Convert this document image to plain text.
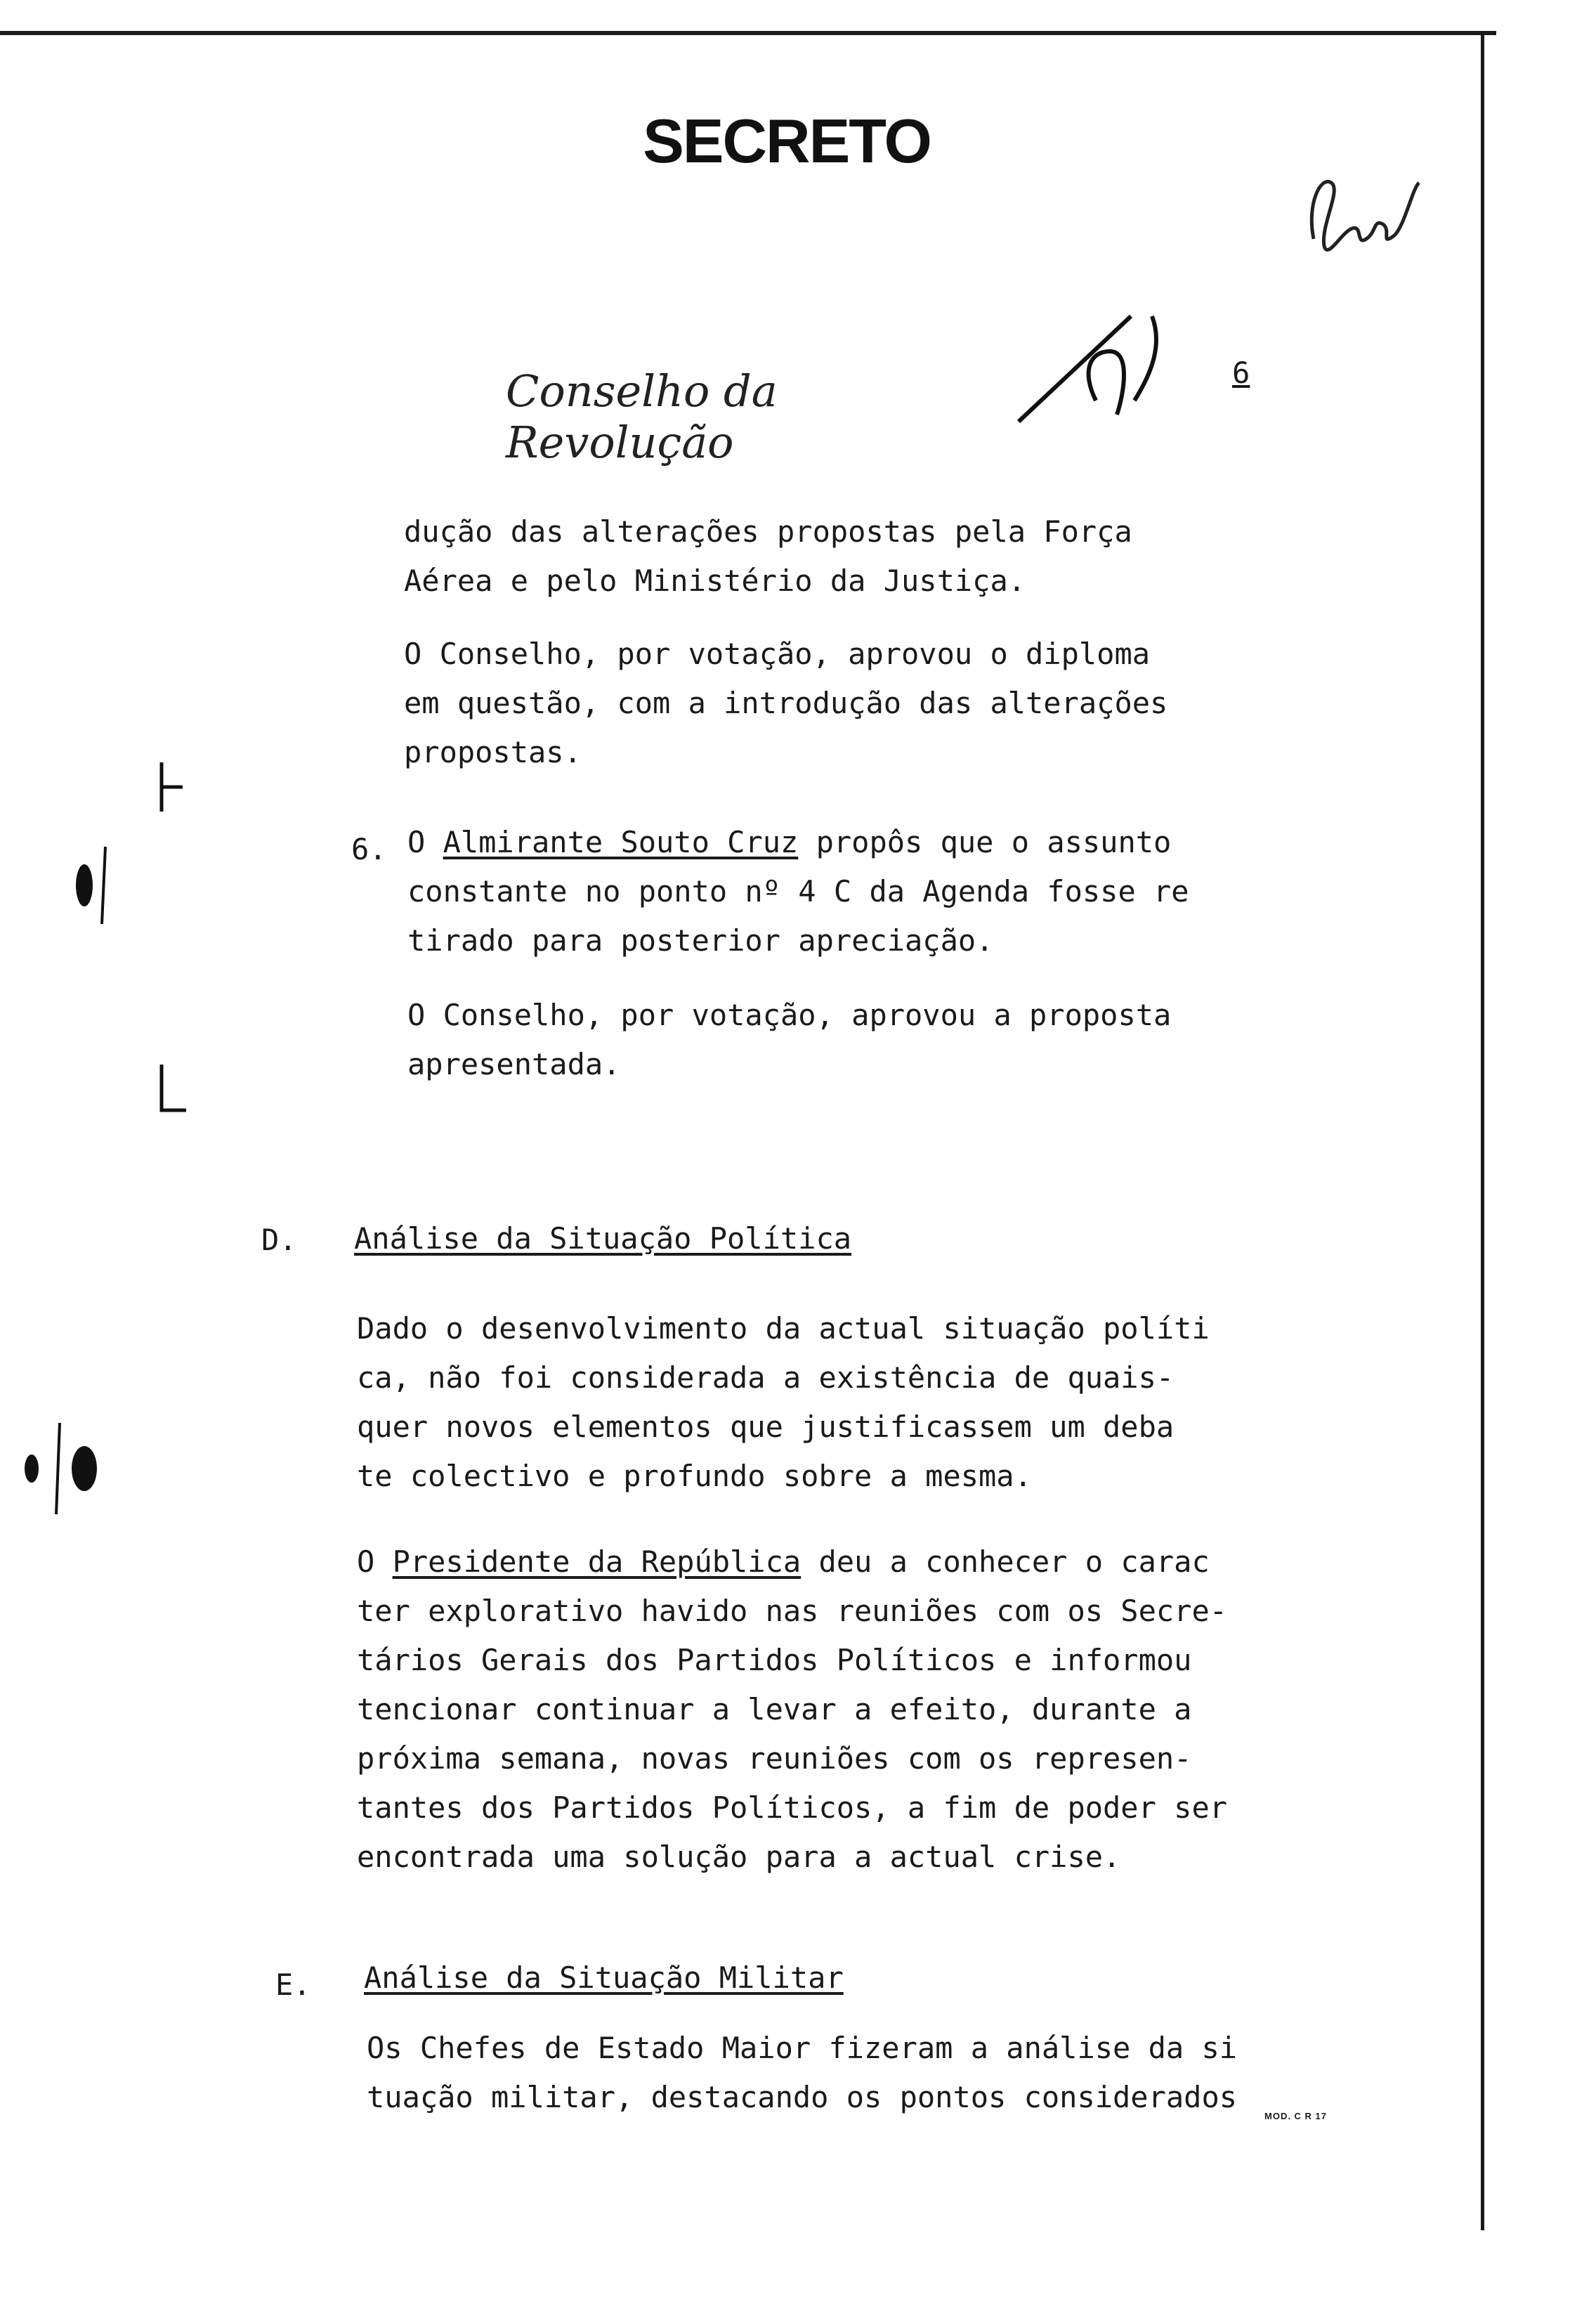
SECRETO
Conselho da Revolução
6
dução das alterações propostas pela Força
Aérea e pelo Ministério da Justiça.
O Conselho, por votação, aprovou o diploma
em questão, com a introdução das alterações
propostas.
6. O Almirante Souto Cruz propôs que o assunto
constante no ponto nº 4 C da Agenda fosse re
tirado para posterior apreciação.
O Conselho, por votação, aprovou a proposta
apresentada.
D. Análise da Situação Política
Dado o desenvolvimento da actual situação políti
ca, não foi considerada a existência de quais-
quer novos elementos que justificassem um deba
te colectivo e profundo sobre a mesma.
O Presidente da República deu a conhecer o carac
ter explorativo havido nas reuniões com os Secre-
tários Gerais dos Partidos Políticos e informou
tencionar continuar a levar a efeito, durante a
próxima semana, novas reuniões com os represen-
tantes dos Partidos Políticos, a fim de poder ser
encontrada uma solução para a actual crise.
E. Análise da Situação Militar
Os Chefes de Estado Maior fizeram a análise da si
tuação militar, destacando os pontos considerados
MOD. C R 17
